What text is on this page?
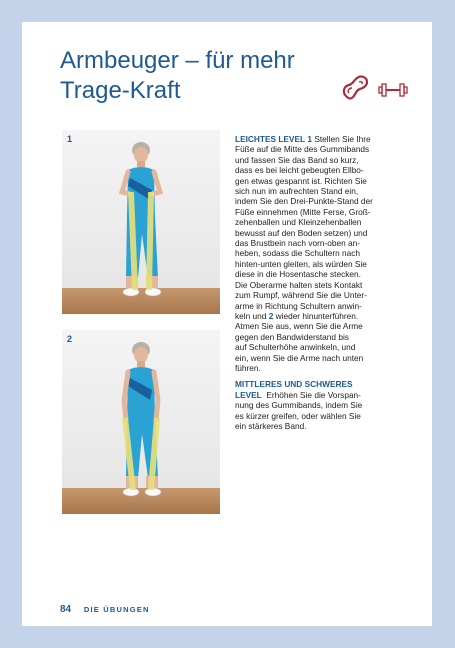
Armbeuger – für mehr
Trage-Kraft
1
2

LEICHTES LEVEL 1 Stellen Sie Ihre
Füße auf die Mitte des Gummibands
und fassen Sie das Band so kurz,
dass es bei leicht gebeugten Ellbo-
gen etwas gespannt ist. Richten Sie
sich nun im aufrechten Stand ein,
indem Sie den Drei-Punkte-Stand der
Füße einnehmen (Mitte Ferse, Groß-
zehenballen und Kleinzehenballen
bewusst auf den Boden setzen) und
das Brustbein nach vorn-oben an-
heben, sodass die Schultern nach
hinten-unten gleiten, als würden Sie
diese in die Hosentasche stecken.
Die Oberarme halten stets Kontakt
zum Rumpf, während Sie die Unter-
arme in Richtung Schultern anwin-
keln und 2 wieder hinunterführen.
Atmen Sie aus, wenn Sie die Arme
gegen den Bandwiderstand bis
auf Schulterhöhe anwinkeln, und
ein, wenn Sie die Arme nach unten
führen.

MITTLERES UND SCHWERES
LEVEL Erhöhen Sie die Vorspan-
nung des Gummibands, indem Sie
es kürzer greifen, oder wählen Sie
ein stärkeres Band.

84 DIE ÜBUNGEN
